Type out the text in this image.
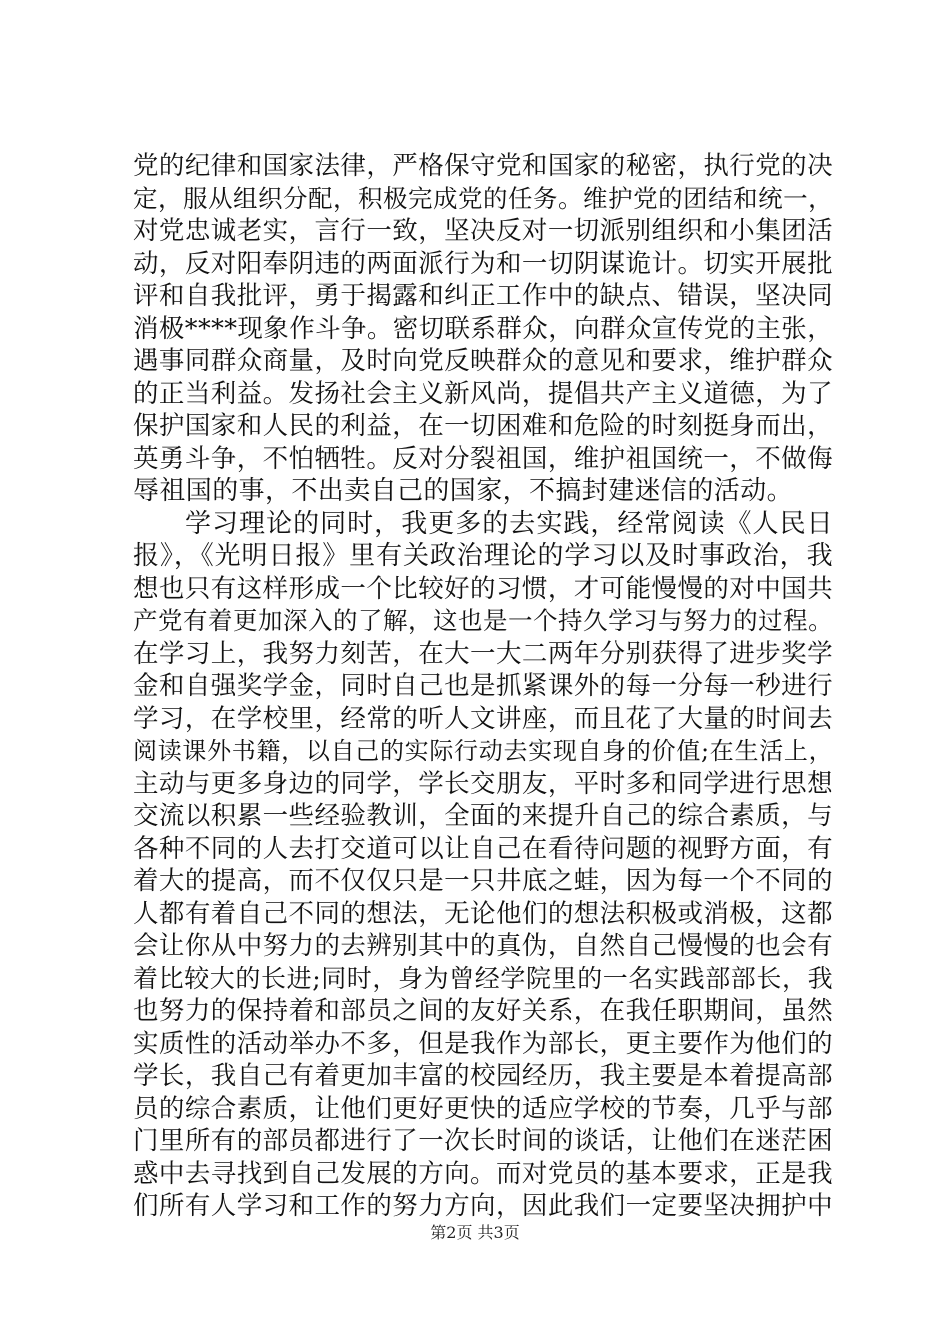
党的纪律和国家法律，严格保守党和国家的秘密，执行党的决
定，服从组织分配，积极完成党的任务。维护党的团结和统一，
对党忠诚老实，言行一致，坚决反对一切派别组织和小集团活
动，反对阳奉阴违的两面派行为和一切阴谋诡计。切实开展批
评和自我批评，勇于揭露和纠正工作中的缺点、错误，坚决同
消极****现象作斗争。密切联系群众，向群众宣传党的主张，
遇事同群众商量，及时向党反映群众的意见和要求，维护群众
的正当利益。发扬社会主义新风尚，提倡共产主义道德，为了
保护国家和人民的利益，在一切困难和危险的时刻挺身而出，
英勇斗争，不怕牺牲。反对分裂祖国，维护祖国统一，不做侮
辱祖国的事，不出卖自己的国家，不搞封建迷信的活动。
学习理论的同时，我更多的去实践，经常阅读《人民日
报》，《光明日报》里有关政治理论的学习以及时事政治，我
想也只有这样形成一个比较好的习惯，才可能慢慢的对中国共
产党有着更加深入的了解，这也是一个持久学习与努力的过程。
在学习上，我努力刻苦，在大一大二两年分别获得了进步奖学
金和自强奖学金，同时自己也是抓紧课外的每一分每一秒进行
学习，在学校里，经常的听人文讲座，而且花了大量的时间去
阅读课外书籍，以自己的实际行动去实现自身的价值;在生活上，
主动与更多身边的同学，学长交朋友，平时多和同学进行思想
交流以积累一些经验教训，全面的来提升自己的综合素质，与
各种不同的人去打交道可以让自己在看待问题的视野方面，有
着大的提高，而不仅仅只是一只井底之蛙，因为每一个不同的
人都有着自己不同的想法，无论他们的想法积极或消极，这都
会让你从中努力的去辨别其中的真伪，自然自己慢慢的也会有
着比较大的长进;同时，身为曾经学院里的一名实践部部长，我
也努力的保持着和部员之间的友好关系，在我任职期间，虽然
实质性的活动举办不多，但是我作为部长，更主要作为他们的
学长，我自己有着更加丰富的校园经历，我主要是本着提高部
员的综合素质，让他们更好更快的适应学校的节奏，几乎与部
门里所有的部员都进行了一次长时间的谈话，让他们在迷茫困
惑中去寻找到自己发展的方向。而对党员的基本要求，正是我
们所有人学习和工作的努力方向，因此我们一定要坚决拥护中
第2页 共3页
